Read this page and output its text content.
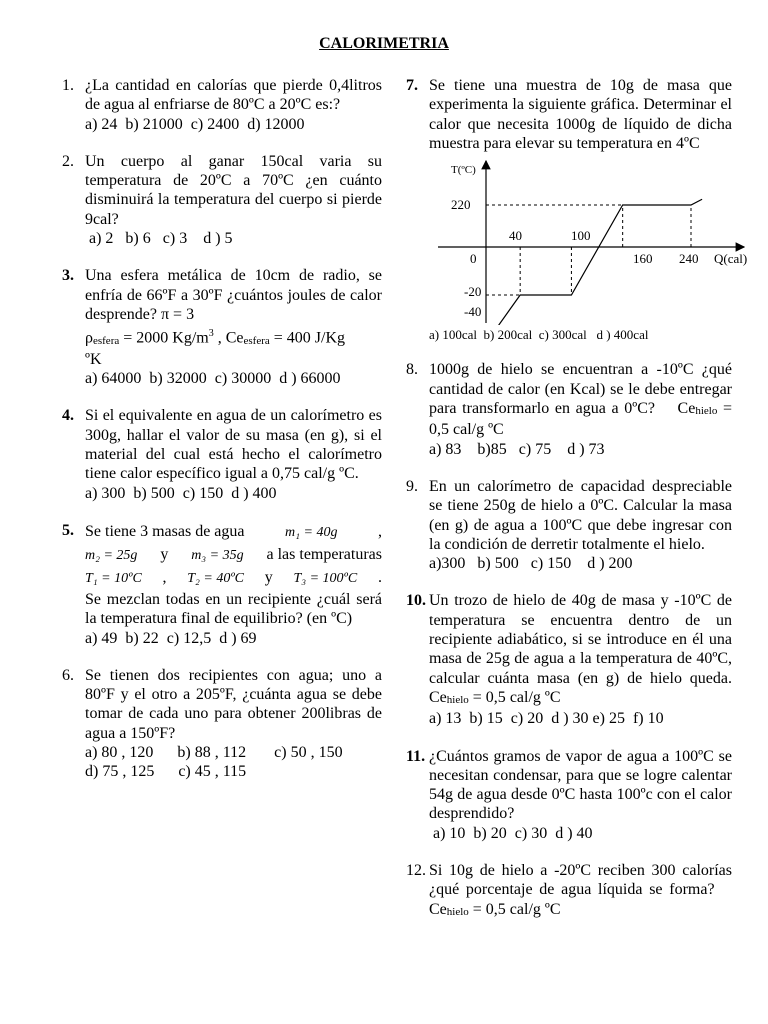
CALORIMETRIA
1. ¿La cantidad en calorías que pierde 0,4litros de agua al enfriarse de 80ºC a 20ºC es:?
a) 24  b) 21000  c) 2400  d) 12000
2. Un cuerpo al ganar 150cal varia su temperatura de 20ºC a 70ºC ¿en cuánto disminuirá la temperatura del cuerpo si pierde 9cal?
a) 2   b) 6   c) 3    d ) 5
3. Una esfera metálica de 10cm de radio, se enfría de 66ºF a 30ºF ¿cuántos joules de calor desprende? π = 3
$\rho_{esfera} = 2000$ $Kg/m^3$ , $Ce_{esfera} = 400$ J/Kg
ºK
a) 64000  b) 32000  c) 30000  d ) 66000
4. Si el equivalente en agua de un calorímetro es 300g, hallar el valor de su masa (en g), si el material del cual está hecho el calorímetro tiene calor específico igual a 0,75 cal/g ºC.
a) 300  b) 500  c) 150  d ) 400
5. Se tiene 3 masas de agua	m₁ = 40g	,
m₂ = 25g y m₃ = 35g a las temperaturas
T₁ = 10ºC , T₂ = 40ºC y T₃ = 100ºC .
Se mezclan todas en un recipiente ¿cuál será la temperatura final de equilibrio? (en ºC)
a) 49  b) 22  c) 12,5  d ) 69
6. Se tienen dos recipientes con agua; uno a 80ºF y el otro a 205ºF, ¿cuánta agua se debe tomar de cada uno para obtener 200libras de agua a 150ºF?
a) 80 , 120      b) 88 , 112       c) 50 , 150
d) 75 , 125      c) 45 , 115
7. Se tiene una muestra de 10g de masa que experimenta la siguiente gráfica. Determinar el calor que necesita 1000g de líquido de dicha muestra para elevar su temperatura en 4ºC
T(ºC)
Q(cal)
220
-20
-40
40	100
0	160 240
a) 100cal  b) 200cal  c) 300cal   d ) 400cal
8. 1000g de hielo se encuentran a -10ºC ¿qué cantidad de calor (en Kcal) se le debe entregar para transformarlo en agua a 0ºC? $Ce_{hielo} = 0,5$ cal/g ºC
a) 83    b)85   c) 75    d ) 73
9. En un calorímetro de capacidad despreciable se tiene 250g de hielo a 0ºC. Calcular la masa (en g) de agua a 100ºC que debe ingresar con la condición de derretir totalmente el hielo.
a)300   b) 500   c) 150    d ) 200
10. Un trozo de hielo de 40g de masa y -10ºC de temperatura se encuentra dentro de un recipiente adiabático, si se introduce en él una masa de 25g de agua a la temperatura de 40ºC, calcular cuánta masa (en g) de hielo queda. $Ce_{hielo} = 0,5$ cal/g ºC
a) 13  b) 15  c) 20  d ) 30 e) 25  f) 10
11. ¿Cuántos gramos de vapor de agua a 100ºC se necesitan condensar, para que se logre calentar 54g de agua desde 0ºC hasta 100ºc con el calor desprendido?
a) 10  b) 20  c) 30  d ) 40
12. Si 10g de hielo a -20ºC reciben 300 calorías ¿qué porcentaje de agua líquida se forma?    $Ce_{hielo} = 0,5$ cal/g ºC
